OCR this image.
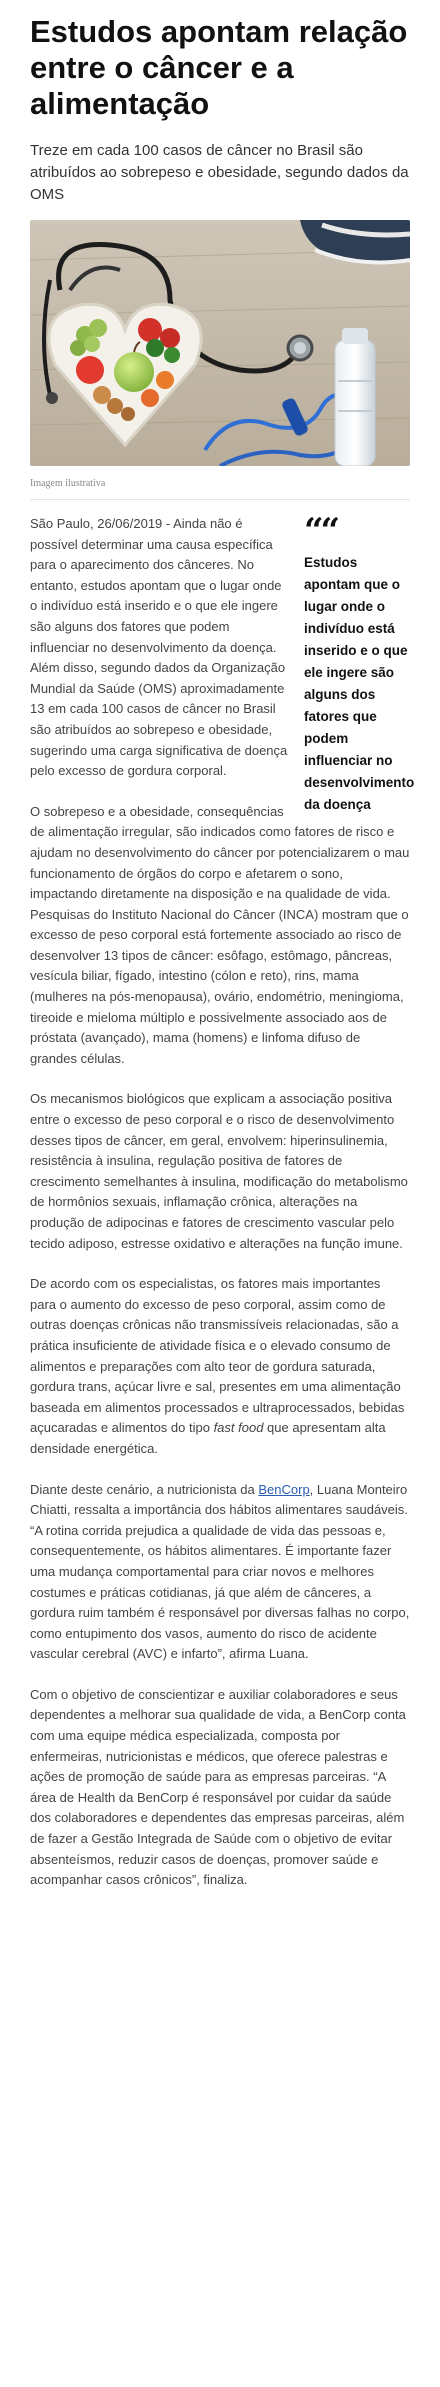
Estudos apontam relação entre o câncer e a alimentação

Treze em cada 100 casos de câncer no Brasil são atribuídos ao sobrepeso e obesidade, segundo dados da OMS

Imagem ilustrativa
““
Estudos apontam que o lugar onde o indivíduo está inserido e o que ele ingere são alguns dos fatores que podem influenciar no desenvolvimento da doença

São Paulo, 26/06/2019 - Ainda não é possível determinar uma causa específica para o aparecimento dos cânceres. No entanto, estudos apontam que o lugar onde o indivíduo está inserido e o que ele ingere são alguns dos fatores que podem influenciar no desenvolvimento da doença. Além disso, segundo dados da Organização Mundial da Saúde (OMS) aproximadamente 13 em cada 100 casos de câncer no Brasil são atribuídos ao sobrepeso e obesidade, sugerindo uma carga significativa de doença pelo excesso de gordura corporal.

O sobrepeso e a obesidade, consequências de alimentação irregular, são indicados como fatores de risco e ajudam no desenvolvimento do câncer por potencializarem o mau funcionamento de órgãos do corpo e afetarem o sono, impactando diretamente na disposição e na qualidade de vida. Pesquisas do Instituto Nacional do Câncer (INCA) mostram que o excesso de peso corporal está fortemente associado ao risco de desenvolver 13 tipos de câncer: esôfago, estômago, pâncreas, vesícula biliar, fígado, intestino (cólon e reto), rins, mama (mulheres na pós-menopausa), ovário, endométrio, meningioma, tireoide e mieloma múltiplo e possivelmente associado aos de próstata (avançado), mama (homens) e linfoma difuso de grandes células.

Os mecanismos biológicos que explicam a associação positiva entre o excesso de peso corporal e o risco de desenvolvimento desses tipos de câncer, em geral, envolvem: hiperinsulinemia, resistência à insulina, regulação positiva de fatores de crescimento semelhantes à insulina, modificação do metabolismo de hormônios sexuais, inflamação crônica, alterações na produção de adipocinas e fatores de crescimento vascular pelo tecido adiposo, estresse oxidativo e alterações na função imune.

De acordo com os especialistas, os fatores mais importantes para o aumento do excesso de peso corporal, assim como de outras doenças crônicas não transmissíveis relacionadas, são a prática insuficiente de atividade física e o elevado consumo de alimentos e preparações com alto teor de gordura saturada, gordura trans, açúcar livre e sal, presentes em uma alimentação baseada em alimentos processados e ultraprocessados, bebidas açucaradas e alimentos do tipo fast food que apresentam alta densidade energética.

Diante deste cenário, a nutricionista da BenCorp, Luana Monteiro Chiatti, ressalta a importância dos hábitos alimentares saudáveis. “A rotina corrida prejudica a qualidade de vida das pessoas e, consequentemente, os hábitos alimentares. É importante fazer uma mudança comportamental para criar novos e melhores costumes e práticas cotidianas, já que além de cânceres, a gordura ruim também é responsável por diversas falhas no corpo, como entupimento dos vasos, aumento do risco de acidente vascular cerebral (AVC) e infarto”, afirma Luana.

Com o objetivo de conscientizar e auxiliar colaboradores e seus dependentes a melhorar sua qualidade de vida, a BenCorp conta com uma equipe médica especializada, composta por enfermeiras, nutricionistas e médicos, que oferece palestras e ações de promoção de saúde para as empresas parceiras. “A área de Health da BenCorp é responsável por cuidar da saúde dos colaboradores e dependentes das empresas parceiras, além de fazer a Gestão Integrada de Saúde com o objetivo de evitar absenteísmos, reduzir casos de doenças, promover saúde e acompanhar casos crônicos”, finaliza.
